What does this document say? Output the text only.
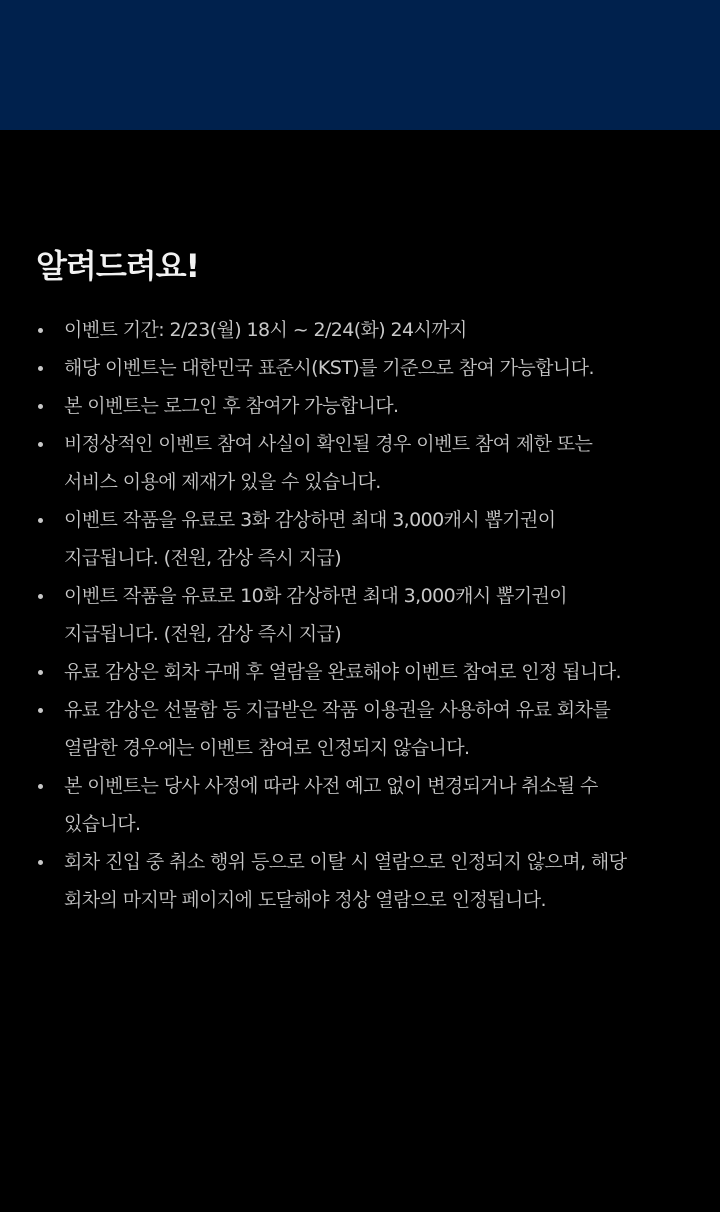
알려드려요!
이벤트 기간: 2/23(월) 18시 ~ 2/24(화) 24시까지
해당 이벤트는 대한민국 표준시(KST)를 기준으로 참여 가능합니다.
본 이벤트는 로그인 후 참여가 가능합니다.
비정상적인 이벤트 참여 사실이 확인될 경우 이벤트 참여 제한 또는
서비스 이용에 제재가 있을 수 있습니다.
이벤트 작품을 유료로 3화 감상하면 최대 3,000캐시 뽑기권이
지급됩니다. (전원, 감상 즉시 지급)
이벤트 작품을 유료로 10화 감상하면 최대 3,000캐시 뽑기권이
지급됩니다. (전원, 감상 즉시 지급)
유료 감상은 회차 구매 후 열람을 완료해야 이벤트 참여로 인정 됩니다.
유료 감상은 선물함 등 지급받은 작품 이용권을 사용하여 유료 회차를
열람한 경우에는 이벤트 참여로 인정되지 않습니다.
본 이벤트는 당사 사정에 따라 사전 예고 없이 변경되거나 취소될 수
있습니다.
회차 진입 중 취소 행위 등으로 이탈 시 열람으로 인정되지 않으며, 해당
회차의 마지막 페이지에 도달해야 정상 열람으로 인정됩니다.
